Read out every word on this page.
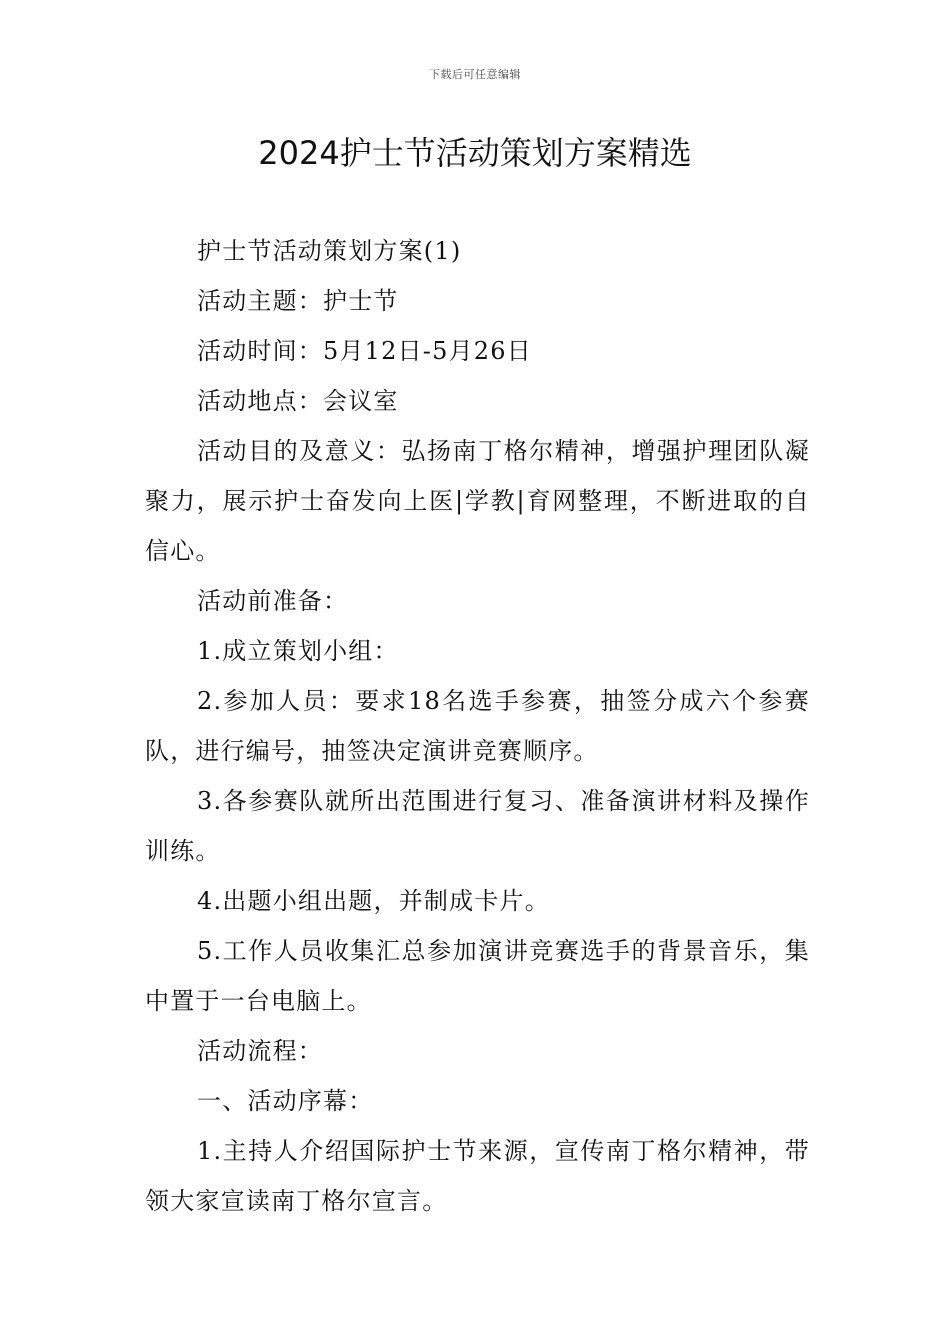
下载后可任意编辑
2024护士节活动策划方案精选

护士节活动策划方案(1)

活动主题：护士节

活动时间：5月12日-5月26日

活动地点：会议室

活动目的及意义：弘扬南丁格尔精神，增强护理团队凝聚力，展示护士奋发向上医|学教|育网整理，不断进取的自信心。

活动前准备：

1.成立策划小组：

2.参加人员：要求18名选手参赛，抽签分成六个参赛队，进行编号，抽签决定演讲竞赛顺序。

3.各参赛队就所出范围进行复习、准备演讲材料及操作训练。

4.出题小组出题，并制成卡片。

5.工作人员收集汇总参加演讲竞赛选手的背景音乐，集中置于一台电脑上。

活动流程：

一、活动序幕：

1.主持人介绍国际护士节来源，宣传南丁格尔精神，带领大家宣读南丁格尔宣言。
